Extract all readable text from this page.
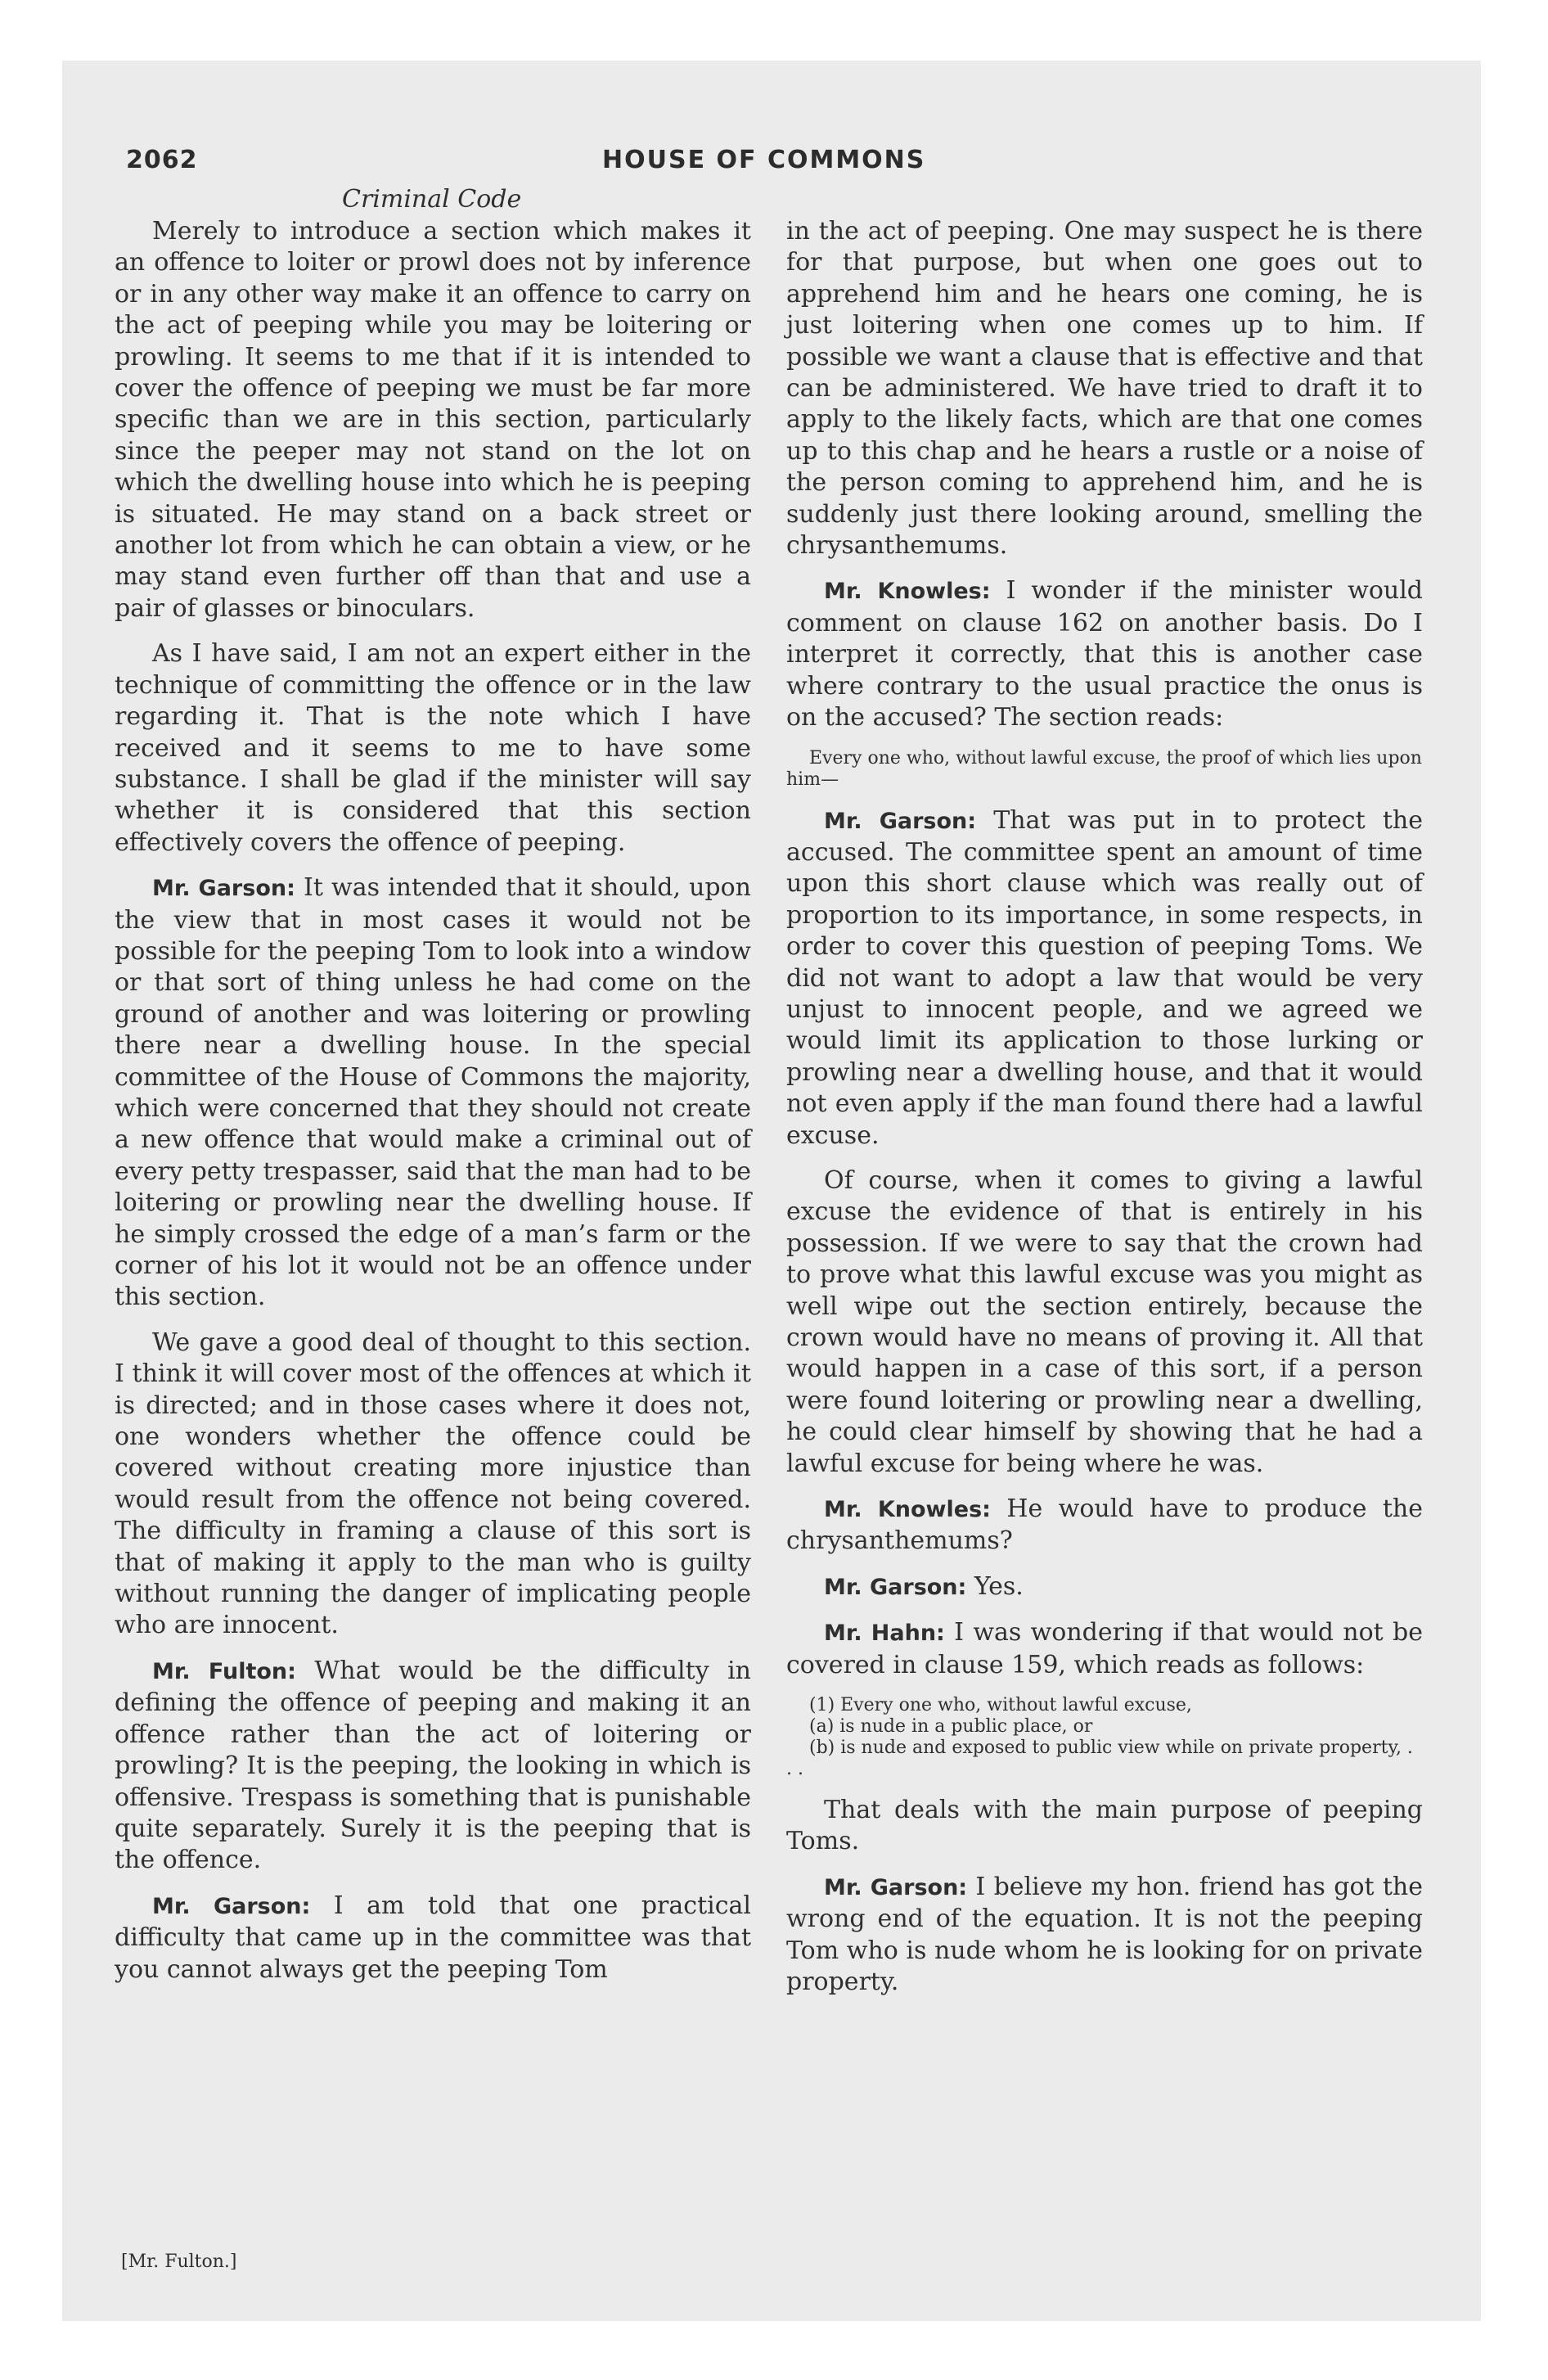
2062	HOUSE OF COMMONS
Criminal Code

Merely to introduce a section which makes it an offence to loiter or prowl does not by inference or in any other way make it an offence to carry on the act of peeping while you may be loitering or prowling. It seems to me that if it is intended to cover the offence of peeping we must be far more specific than we are in this section, particularly since the peeper may not stand on the lot on which the dwelling house into which he is peeping is situated. He may stand on a back street or another lot from which he can obtain a view, or he may stand even further off than that and use a pair of glasses or binoculars.

As I have said, I am not an expert either in the technique of committing the offence or in the law regarding it. That is the note which I have received and it seems to me to have some substance. I shall be glad if the minister will say whether it is considered that this section effectively covers the offence of peeping.

Mr. Garson: It was intended that it should, upon the view that in most cases it would not be possible for the peeping Tom to look into a window or that sort of thing unless he had come on the ground of another and was loitering or prowling there near a dwelling house. In the special committee of the House of Commons the majority, which were concerned that they should not create a new offence that would make a criminal out of every petty trespasser, said that the man had to be loitering or prowling near the dwelling house. If he simply crossed the edge of a man’s farm or the corner of his lot it would not be an offence under this section.

We gave a good deal of thought to this section. I think it will cover most of the offences at which it is directed; and in those cases where it does not, one wonders whether the offence could be covered without creating more injustice than would result from the offence not being covered. The difficulty in framing a clause of this sort is that of making it apply to the man who is guilty without running the danger of implicating people who are innocent.

Mr. Fulton: What would be the difficulty in defining the offence of peeping and making it an offence rather than the act of loitering or prowling? It is the peeping, the looking in which is offensive. Trespass is something that is punishable quite separately. Surely it is the peeping that is the offence.

Mr. Garson: I am told that one practical difficulty that came up in the committee was that you cannot always get the peeping Tom

in the act of peeping. One may suspect he is there for that purpose, but when one goes out to apprehend him and he hears one coming, he is just loitering when one comes up to him. If possible we want a clause that is effective and that can be administered. We have tried to draft it to apply to the likely facts, which are that one comes up to this chap and he hears a rustle or a noise of the person coming to apprehend him, and he is suddenly just there looking around, smelling the chrysanthemums.

Mr. Knowles: I wonder if the minister would comment on clause 162 on another basis. Do I interpret it correctly, that this is another case where contrary to the usual practice the onus is on the accused? The section reads:

Every one who, without lawful excuse, the proof of which lies upon him—

Mr. Garson: That was put in to protect the accused. The committee spent an amount of time upon this short clause which was really out of proportion to its importance, in some respects, in order to cover this question of peeping Toms. We did not want to adopt a law that would be very unjust to innocent people, and we agreed we would limit its application to those lurking or prowling near a dwelling house, and that it would not even apply if the man found there had a lawful excuse.

Of course, when it comes to giving a lawful excuse the evidence of that is entirely in his possession. If we were to say that the crown had to prove what this lawful excuse was you might as well wipe out the section entirely, because the crown would have no means of proving it. All that would happen in a case of this sort, if a person were found loitering or prowling near a dwelling, he could clear himself by showing that he had a lawful excuse for being where he was.

Mr. Knowles: He would have to produce the chrysanthemums?

Mr. Garson: Yes.

Mr. Hahn: I was wondering if that would not be covered in clause 159, which reads as follows:

(1) Every one who, without lawful excuse,
(a) is nude in a public place, or
(b) is nude and exposed to public view while on private property, . . .

That deals with the main purpose of peeping Toms.

Mr. Garson: I believe my hon. friend has got the wrong end of the equation. It is not the peeping Tom who is nude whom he is looking for on private property.

[Mr. Fulton.]
